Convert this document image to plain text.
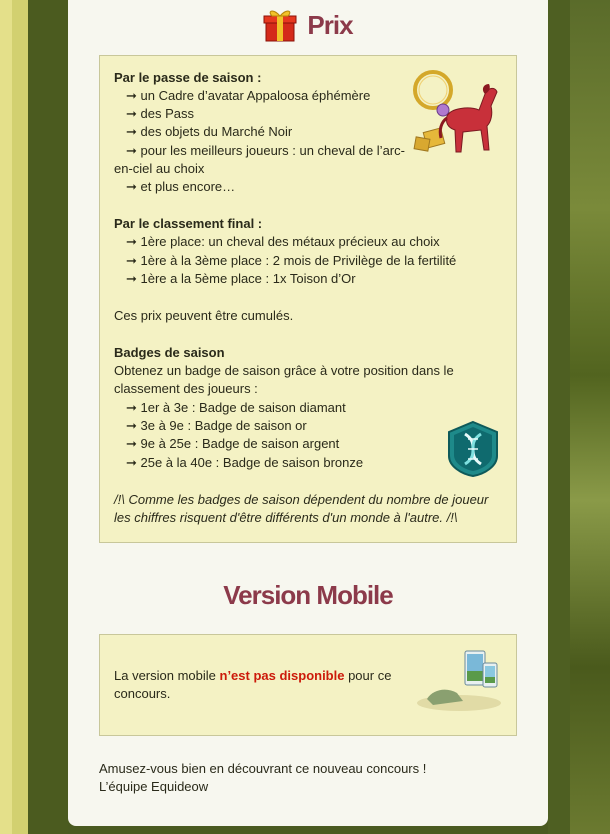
Prix
Par le passe de saison :
➞ un Cadre d’avatar Appaloosa éphémère
➞ des Pass
➞ des objets du Marché Noir
➞ pour les meilleurs joueurs : un cheval de l’arc-
en-ciel au choix
➞ et plus encore…
Par le classement final :
➞ 1ère place: un cheval des métaux précieux au choix
➞ 1ère à la 3ème place : 2 mois de Privilège de la fertilité
➞ 1ère a la 5ème place : 1x Toison d’Or
Ces prix peuvent être cumulés.
Badges de saison
Obtenez un badge de saison grâce à votre position dans le
classement des joueurs :
➞ 1er à 3e : Badge de saison diamant
➞ 3e à 9e : Badge de saison or
➞ 9e à 25e : Badge de saison argent
➞ 25e à la 40e : Badge de saison bronze
/!\ Comme les badges de saison dépendent du nombre de joueur
les chiffres risquent d'être différents d'un monde à l'autre. /!\
Version Mobile
La version mobile n’est pas disponible pour ce
concours.
Amusez-vous bien en découvrant ce nouveau concours !
L’équipe Equideow
